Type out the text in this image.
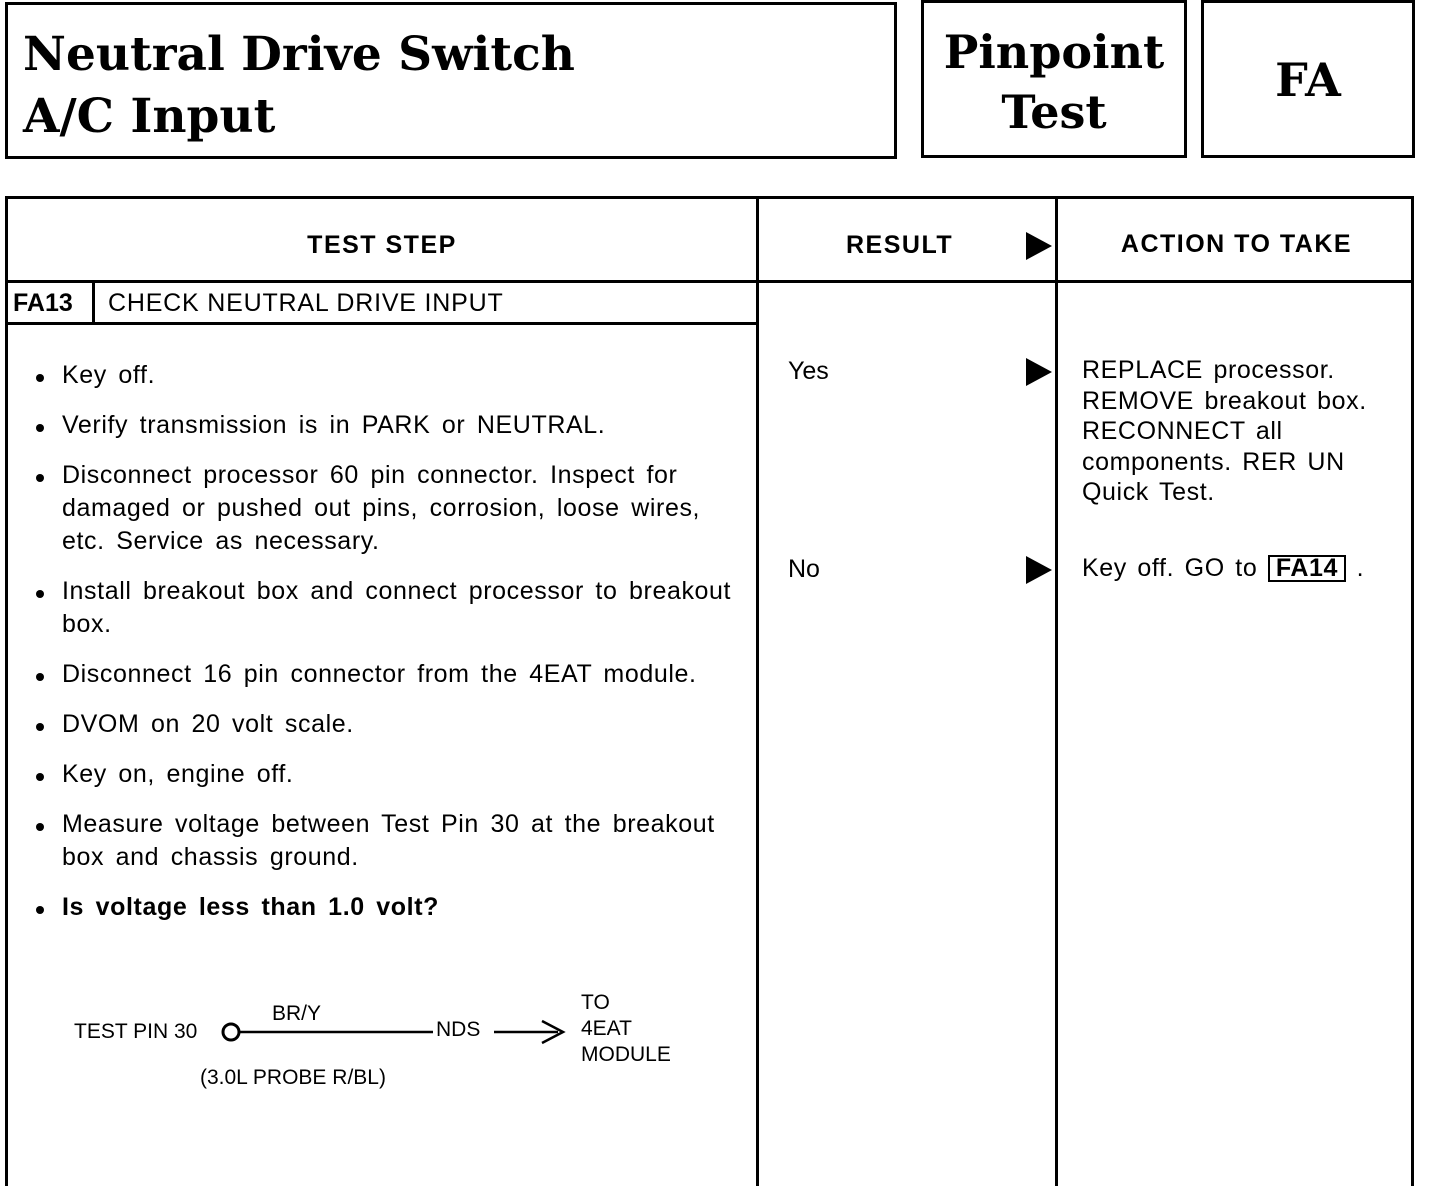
Neutral Drive Switch
A/C Input
Pinpoint
Test
FA
TEST STEP	RESULT	ACTION TO TAKE
FA13 CHECK NEUTRAL DRIVE INPUT
Key off.
Verify transmission is in PARK or NEUTRAL.
Disconnect processor 60 pin connector. Inspect for damaged or pushed out pins, corrosion, loose wires, etc. Service as necessary.
Install breakout box and connect processor to breakout box.
Disconnect 16 pin connector from the 4EAT module.
DVOM on 20 volt scale.
Key on, engine off.
Measure voltage between Test Pin 30 at the breakout box and chassis ground.
Is voltage less than 1.0 volt?
Yes	REPLACE processor.
REMOVE breakout box.
RECONNECT all
components. RER UN
Quick Test.
No	Key off. GO to FA14 .
TEST PIN 30
BR/Y
NDS
TO
4EAT
MODULE
(3.0L PROBE R/BL)
